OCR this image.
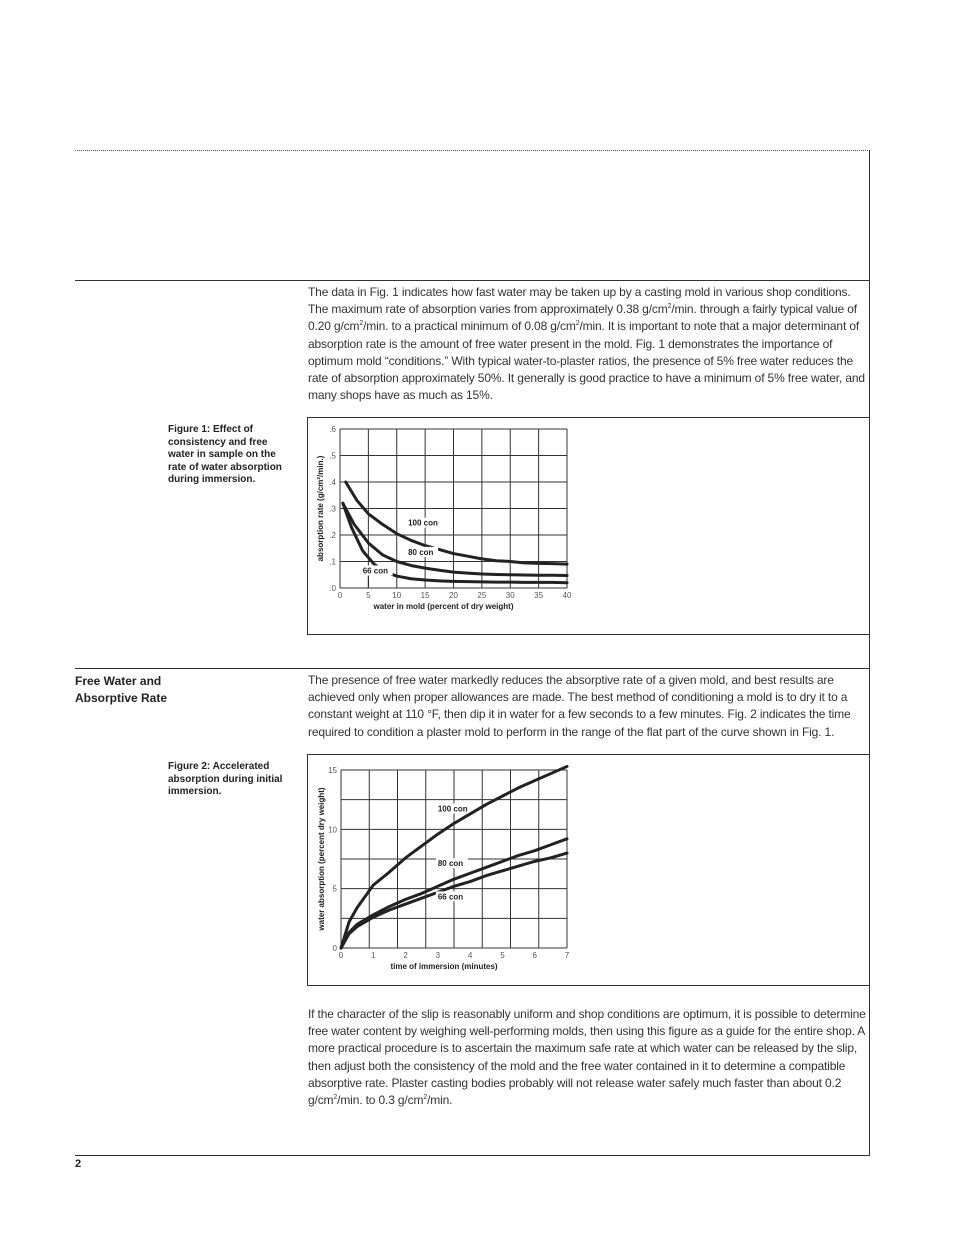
The data in Fig. 1 indicates how fast water may be taken up by a casting mold in various shop conditions. The maximum rate of absorption varies from approximately 0.38 $g/cm^2/\min$. through a fairly typical value of 0.20 $g/cm^2/\min$. to a practical minimum of 0.08 $g/cm^2/\min$. It is important to note that a major determinant of absorption rate is the amount of free water present in the mold. Fig. 1 demonstrates the importance of optimum mold “conditions.” With typical water-to-plaster ratios, the presence of 5% free water reduces the rate of absorption approximately 50%. It generally is good practice to have a minimum of 5% free water, and many shops have as much as 15%.

Figure 1: Effect of consistency and free water in sample on the rate of water absorption during immersion.

Free Water and Absorptive Rate

The presence of free water markedly reduces the absorptive rate of a given mold, and best results are achieved only when proper allowances are made. The best method of conditioning a mold is to dry it to a constant weight at 110 °F, then dip it in water for a few seconds to a few minutes. Fig. 2 indicates the time required to condition a plaster mold to perform in the range of the flat part of the curve shown in Fig. 1.

Figure 2: Accelerated absorption during initial immersion.

If the character of the slip is reasonably uniform and shop conditions are optimum, it is possible to determine free water content by weighing well-performing molds, then using this figure as a guide for the entire shop. A more practical procedure is to ascertain the maximum safe rate at which water can be released by the slip, then adjust both the consistency of the mold and the free water contained in it to determine a compatible absorptive rate. Plaster casting bodies probably will not release water safely much faster than about 0.2 $g/cm^2/\min$. to 0.3 $g/cm^2/\min$.

2
0	5	10 15 20 25 30 35 40
.0
.1
.2
.3
.4
.5
.6
water in mold (percent of dry weight)
absorption rate (g/cm²/min.)	100 con
80 con
66 con
0	1	2	3	4	5	6	7
0
5
10
15
time of immersion (minutes)
water absorption (percent dry weight)	100 con
80 con
66 con
